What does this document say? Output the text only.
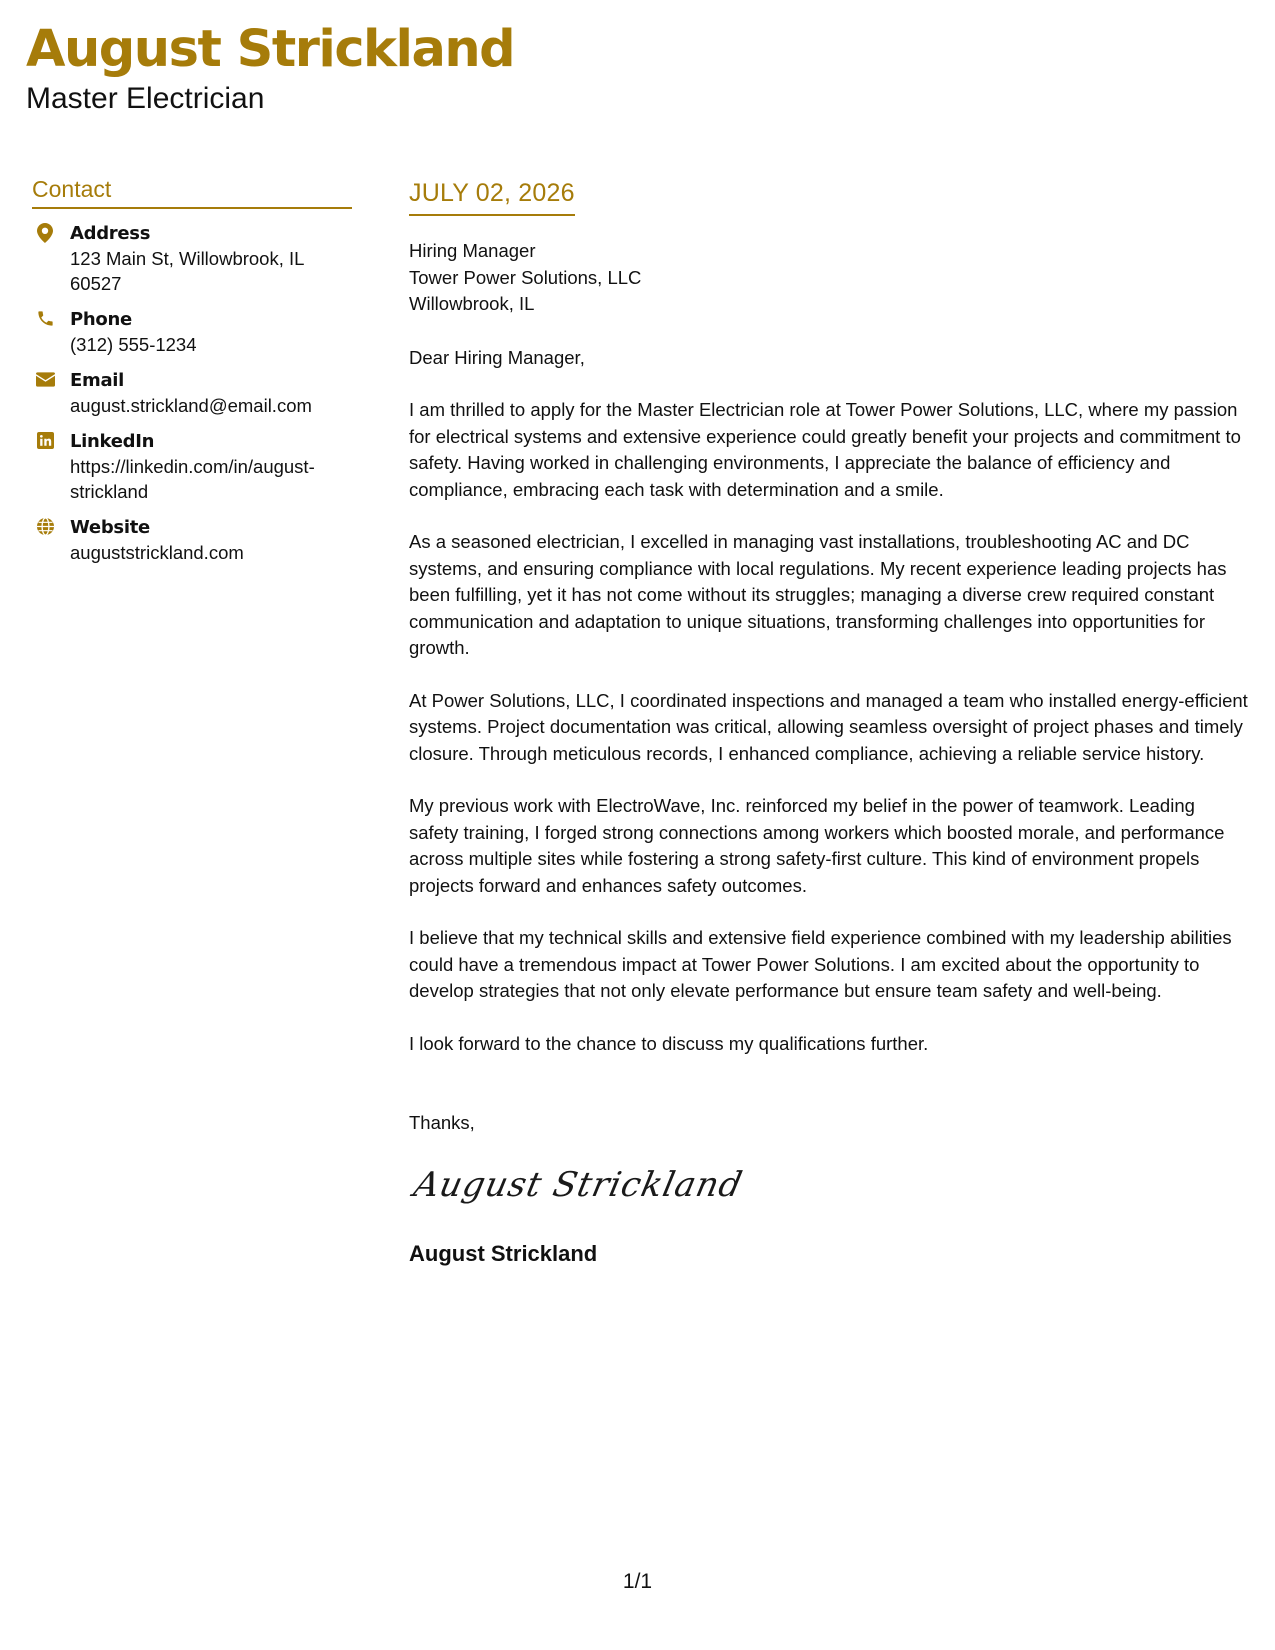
August Strickland
Master Electrician
Contact
Address
123 Main St, Willowbrook, IL 60527
Phone
(312) 555-1234
Email
august.strickland@email.com
LinkedIn
https://linkedin.com/in/august-strickland
Website
auguststrickland.com
JULY 02, 2026
Hiring Manager
Tower Power Solutions, LLC
Willowbrook, IL
Dear Hiring Manager,

I am thrilled to apply for the Master Electrician role at Tower Power Solutions, LLC, where my passion for electrical systems and extensive experience could greatly benefit your projects and commitment to safety. Having worked in challenging environments, I appreciate the balance of efficiency and compliance, embracing each task with determination and a smile.

As a seasoned electrician, I excelled in managing vast installations, troubleshooting AC and DC systems, and ensuring compliance with local regulations. My recent experience leading projects has been fulfilling, yet it has not come without its struggles; managing a diverse crew required constant communication and adaptation to unique situations, transforming challenges into opportunities for growth.

At Power Solutions, LLC, I coordinated inspections and managed a team who installed energy-efficient systems. Project documentation was critical, allowing seamless oversight of project phases and timely closure. Through meticulous records, I enhanced compliance, achieving a reliable service history.

My previous work with ElectroWave, Inc. reinforced my belief in the power of teamwork. Leading safety training, I forged strong connections among workers which boosted morale, and performance across multiple sites while fostering a strong safety-first culture. This kind of environment propels projects forward and enhances safety outcomes.

I believe that my technical skills and extensive field experience combined with my leadership abilities could have a tremendous impact at Tower Power Solutions. I am excited about the opportunity to develop strategies that not only elevate performance but ensure team safety and well-being.

I look forward to the chance to discuss my qualifications further.

Thanks,
August Strickland
August Strickland
1/1
